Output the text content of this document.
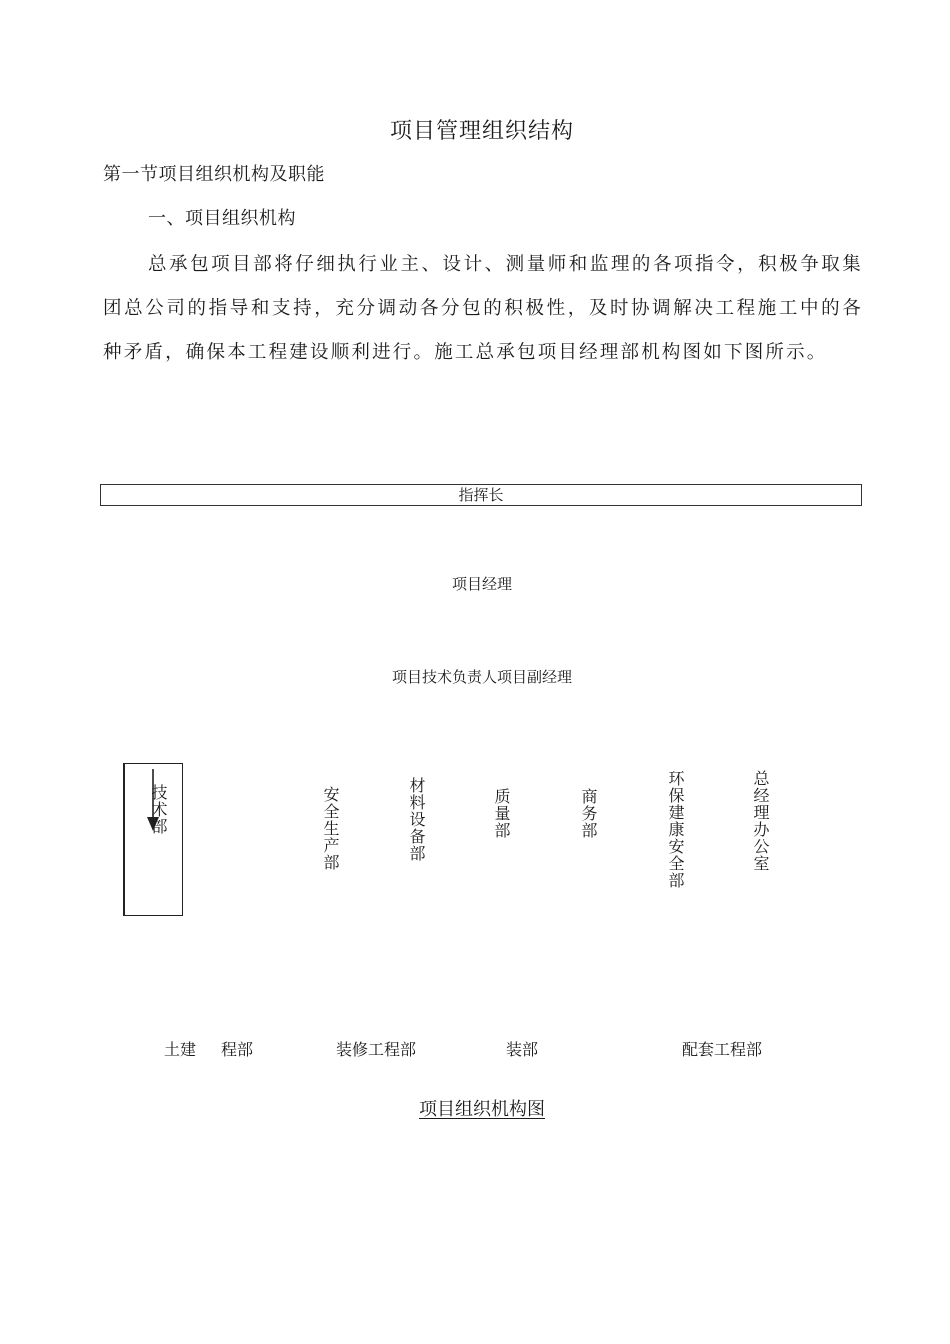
项目管理组织结构
第一节项目组织机构及职能
一、项目组织机构
总承包项目部将仔细执行业主、设计、测量师和监理的各项指令，积极争取集团总公司的指导和支持，充分调动各分包的积极性，及时协调解决工程施工中的各种矛盾，确保本工程建设顺利进行。施工总承包项目经理部机构图如下图所示。
指挥长
项目经理
项目技术负责人项目副经理
技术部	安全生产部	材料设备部	质量部	商务部	环保建康安全部	总经理办公室
土建 程部	装修工程部	装部	配套工程部
项目组织机构图
